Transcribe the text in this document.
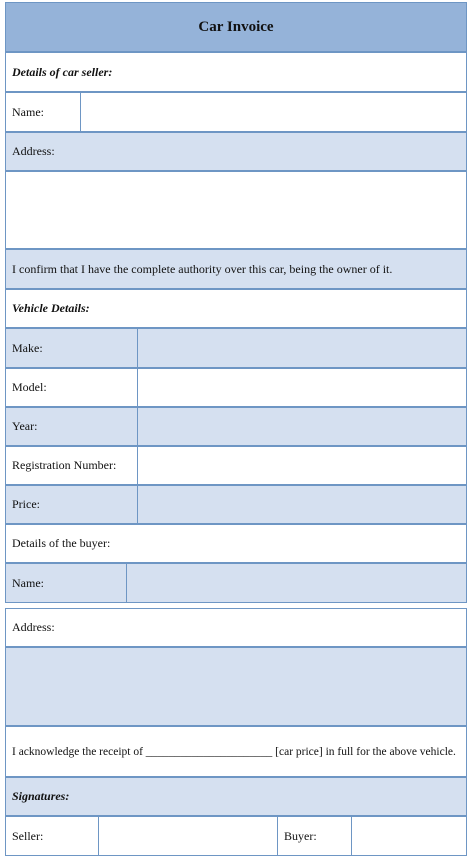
Car Invoice
Details of car seller:
Name:
Address:
I confirm that I have the complete authority over this car, being the owner of it.
Vehicle Details:
Make:
Model:
Year:
Registration Number:
Price:
Details of the buyer:
Name:
Address:
I acknowledge the receipt of ______________________ [car price] in full for the above vehicle.
Signatures:
Seller:	Buyer:
